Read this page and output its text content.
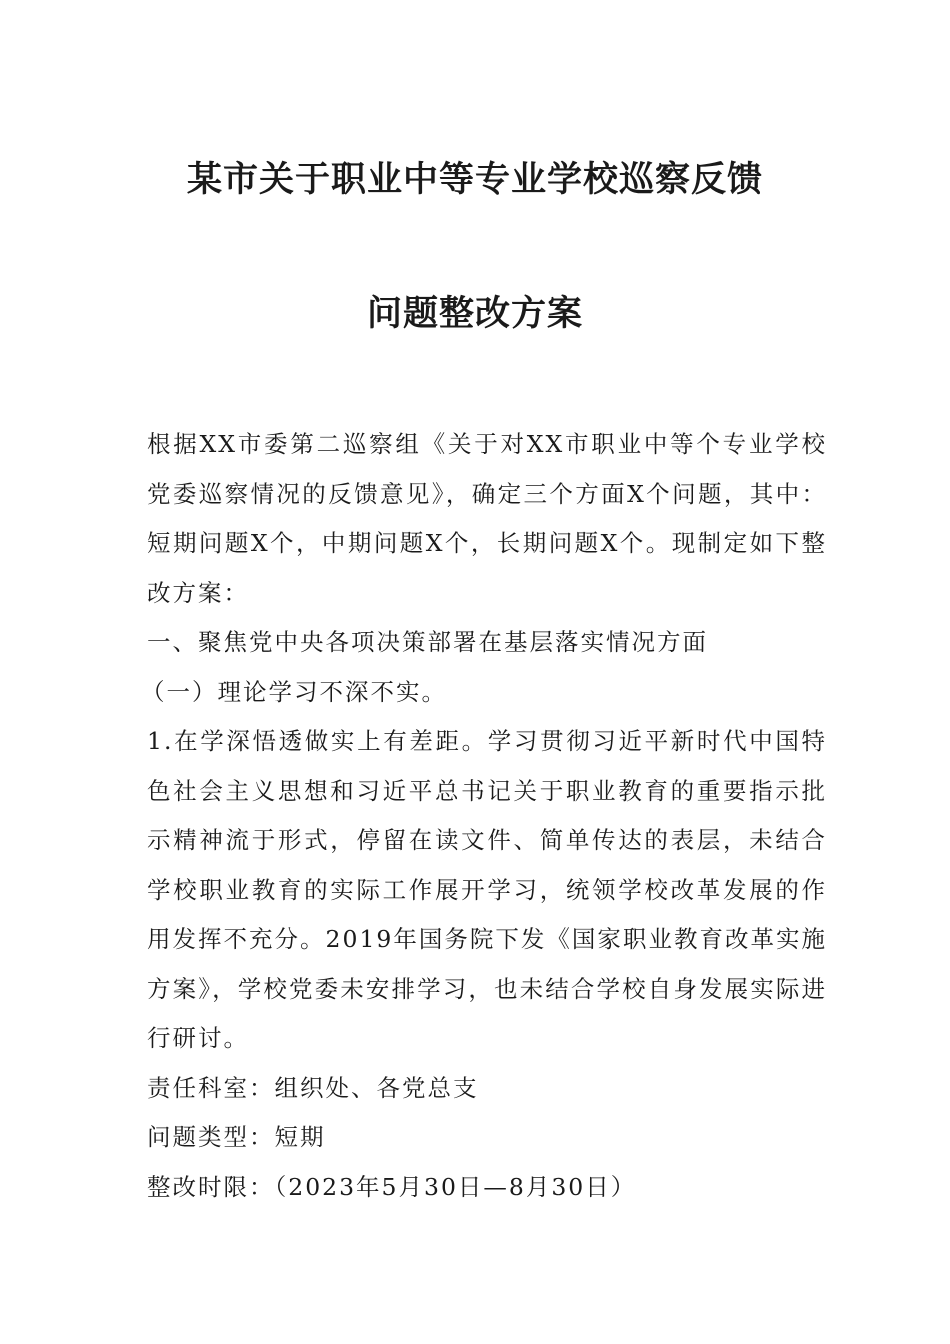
某市关于职业中等专业学校巡察反馈
问题整改方案

根据XX市委第二巡察组《关于对XX市职业中等个专业学校党委巡察情况的反馈意见》，确定三个方面X个问题，其中：短期问题X个，中期问题X个，长期问题X个。现制定如下整改方案：

一、聚焦党中央各项决策部署在基层落实情况方面

（一）理论学习不深不实。

1.在学深悟透做实上有差距。学习贯彻习近平新时代中国特色社会主义思想和习近平总书记关于职业教育的重要指示批示精神流于形式，停留在读文件、简单传达的表层，未结合学校职业教育的实际工作展开学习，统领学校改革发展的作用发挥不充分。2019年国务院下发《国家职业教育改革实施方案》，学校党委未安排学习，也未结合学校自身发展实际进行研讨。

责任科室：组织处、各党总支

问题类型：短期

整改时限：（2023年5月30日—8月30日）
